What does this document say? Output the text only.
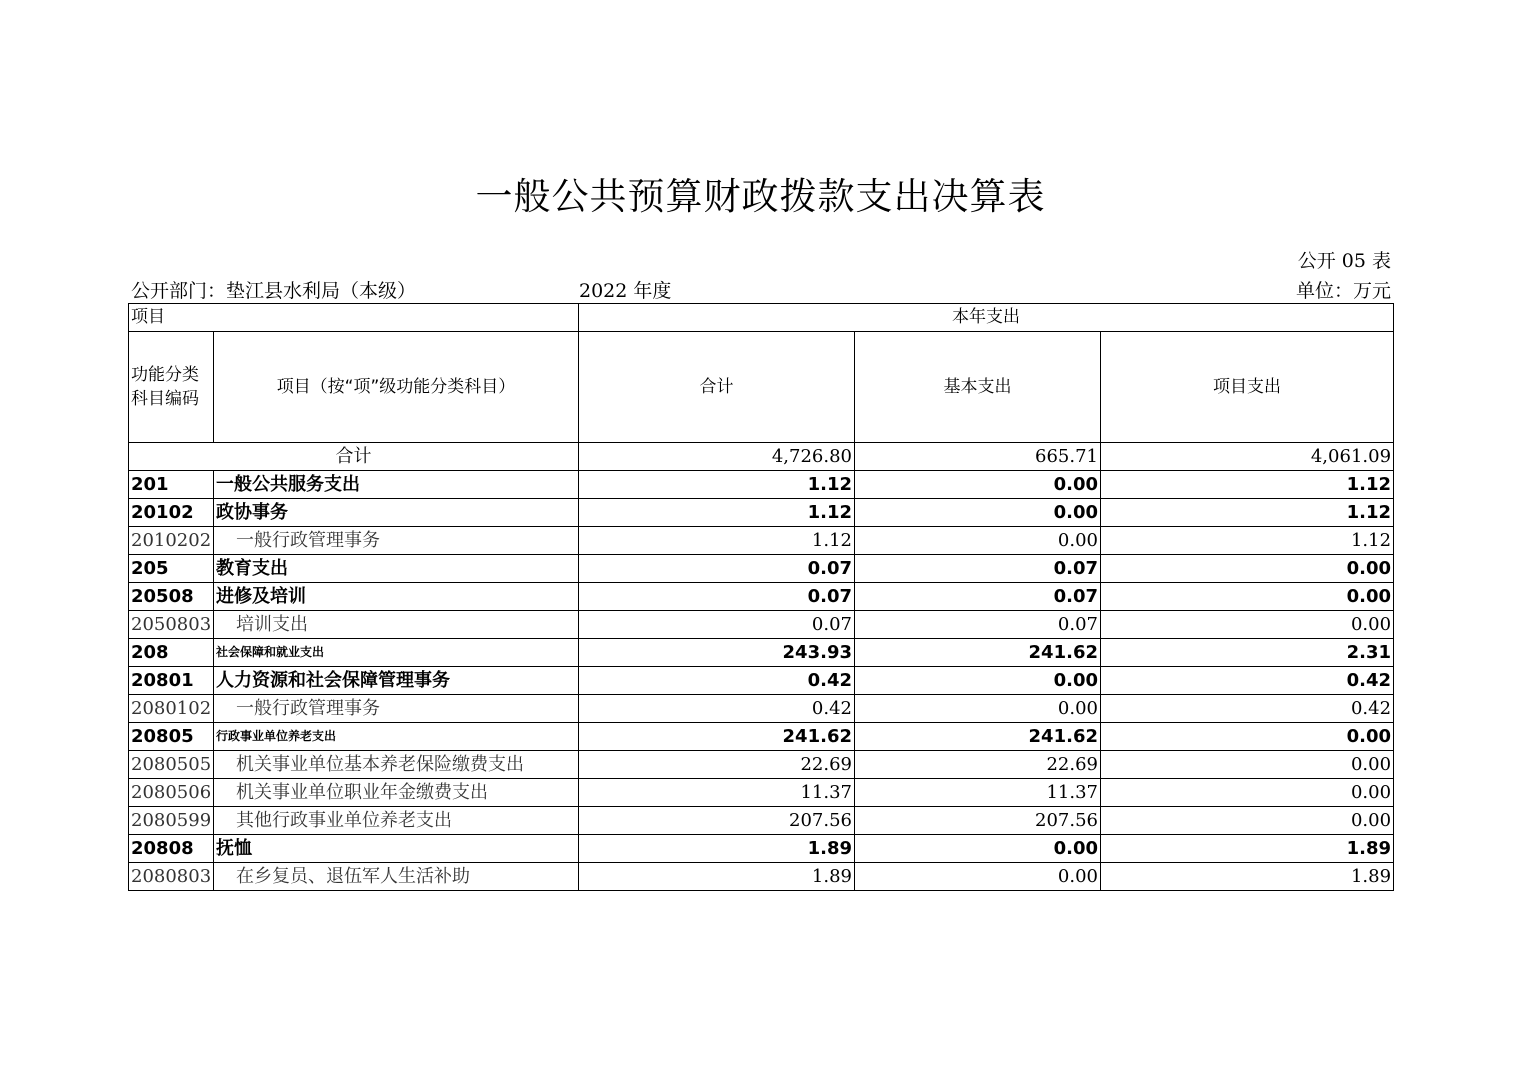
一般公共预算财政拨款支出决算表
公开 05 表
公开部门：垫江县水利局（本级）	2022 年度	单位：万元
项目		本年支出		
功能分类科目编码	项目（按“项”级功能分类科目）	合计	基本支出	项目支出
合计		4,726.80	665.71	4,061.09
201	一般公共服务支出	1.12	0.00	1.12
20102	政协事务	1.12	0.00	1.12
2010202	一般行政管理事务	1.12	0.00	1.12
205	教育支出	0.07	0.07	0.00
20508	进修及培训	0.07	0.07	0.00
2050803	培训支出	0.07	0.07	0.00
208	社会保障和就业支出	243.93	241.62	2.31
20801	人力资源和社会保障管理事务	0.42	0.00	0.42
2080102	一般行政管理事务	0.42	0.00	0.42
20805	行政事业单位养老支出	241.62	241.62	0.00
2080505	机关事业单位基本养老保险缴费支出	22.69	22.69	0.00
2080506	机关事业单位职业年金缴费支出	11.37	11.37	0.00
2080599	其他行政事业单位养老支出	207.56	207.56	0.00
20808	抚恤	1.89	0.00	1.89
2080803	在乡复员、退伍军人生活补助	1.89	0.00	1.89
